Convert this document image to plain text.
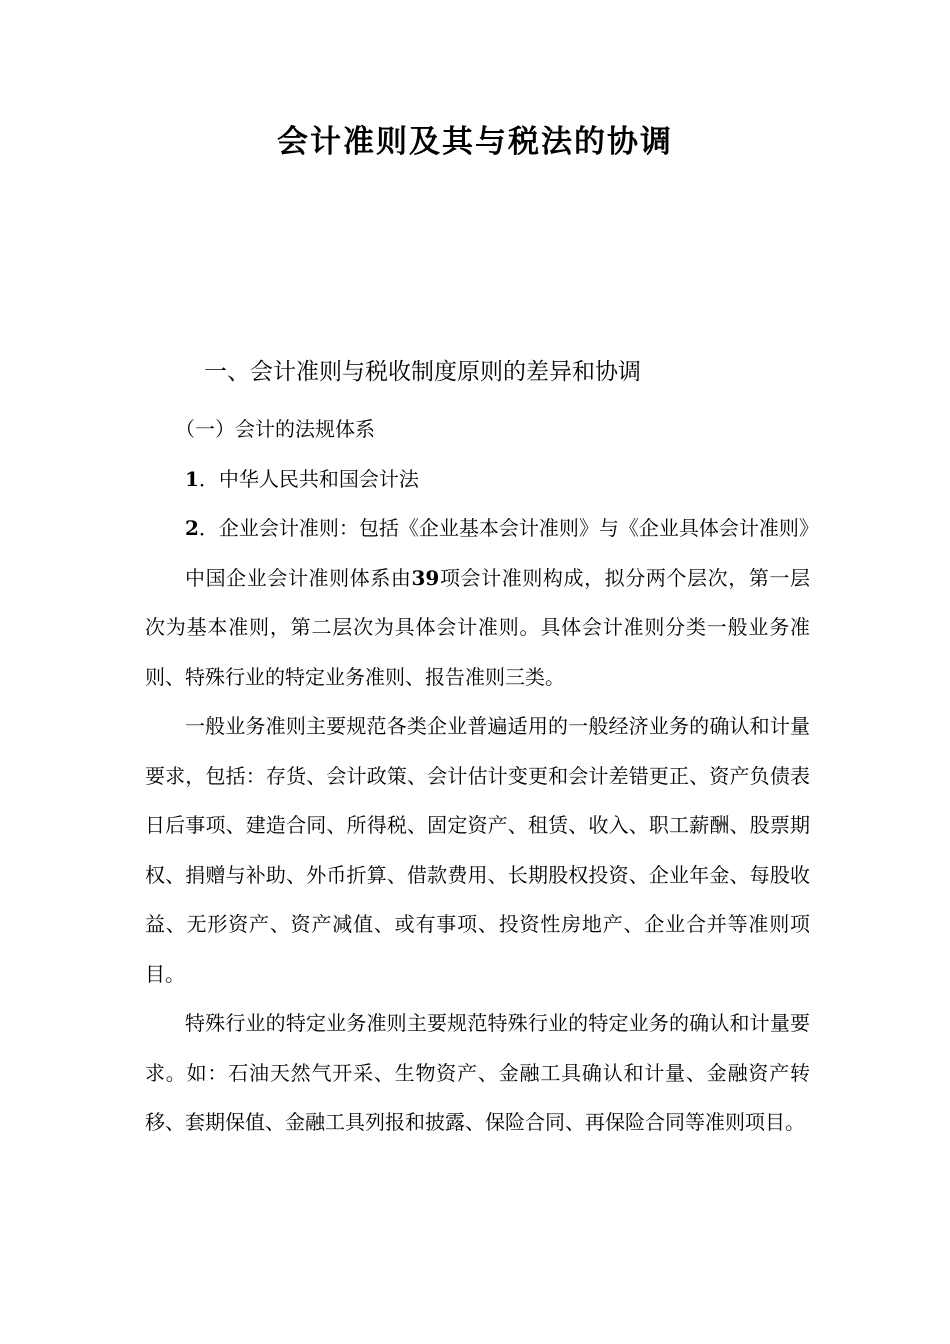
会计准则及其与税法的协调
一、会计准则与税收制度原则的差异和协调

（一）会计的法规体系

1．中华人民共和国会计法

2．企业会计准则：包括《企业基本会计准则》与《企业具体会计准则》

中国企业会计准则体系由39项会计准则构成，拟分两个层次，第一层次为基本准则，第二层次为具体会计准则。具体会计准则分类一般业务准则、特殊行业的特定业务准则、报告准则三类。

一般业务准则主要规范各类企业普遍适用的一般经济业务的确认和计量要求，包括：存货、会计政策、会计估计变更和会计差错更正、资产负债表日后事项、建造合同、所得税、固定资产、租赁、收入、职工薪酬、股票期权、捐赠与补助、外币折算、借款费用、长期股权投资、企业年金、每股收益、无形资产、资产减值、或有事项、投资性房地产、企业合并等准则项目。

特殊行业的特定业务准则主要规范特殊行业的特定业务的确认和计量要求。如：石油天然气开采、生物资产、金融工具确认和计量、金融资产转移、套期保值、金融工具列报和披露、保险合同、再保险合同等准则项目。
